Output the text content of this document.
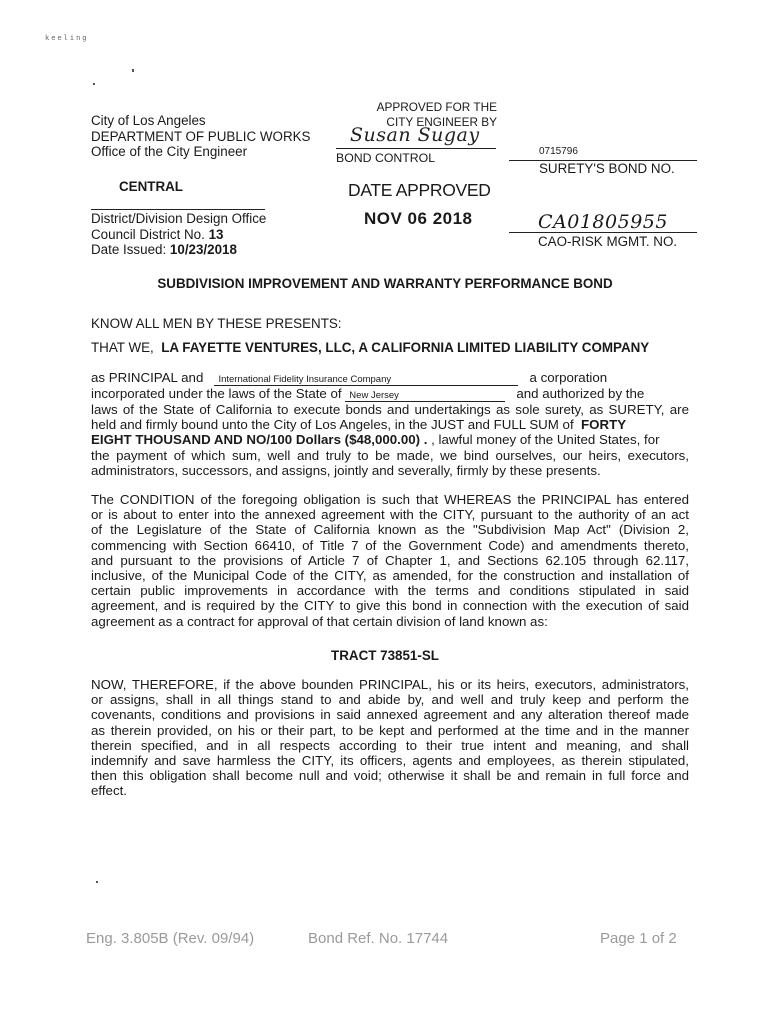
keeling
City of Los Angeles
DEPARTMENT OF PUBLIC WORKS
Office of the City Engineer
APPROVED FOR THE
CITY ENGINEER BY
Susan Sugay
BOND CONTROL	0715796
SURETY'S BOND NO.
CENTRAL	DATE APPROVED
NOV 06 2018
District/Division Design Office
Council District No. 13
Date Issued: 10/23/2018
CA01805955
CAO-RISK MGMT. NO.
SUBDIVISION IMPROVEMENT AND WARRANTY PERFORMANCE BOND
KNOW ALL MEN BY THESE PRESENTS:
THAT WE, LA FAYETTE VENTURES, LLC, A CALIFORNIA LIMITED LIABILITY COMPANY
as PRINCIPAL and International Fidelity Insurance Company	a corporation
incorporated under the laws of the State of New Jersey	and authorized by the
laws of the State of California to execute bonds and undertakings as sole surety, as SURETY, are
held and firmly bound unto the City of Los Angeles, in the JUST and FULL SUM of FORTY
EIGHT THOUSAND AND NO/100 Dollars ($48,000.00) . , lawful money of the United States, for
the payment of which sum, well and truly to be made, we bind ourselves, our heirs, executors,
administrators, successors, and assigns, jointly and severally, firmly by these presents.
The CONDITION of the foregoing obligation is such that WHEREAS the PRINCIPAL has entered
or is about to enter into the annexed agreement with the CITY, pursuant to the authority of an act
of the Legislature of the State of California known as the "Subdivision Map Act" (Division 2,
commencing with Section 66410, of Title 7 of the Government Code) and amendments thereto,
and pursuant to the provisions of Article 7 of Chapter 1, and Sections 62.105 through 62.117,
inclusive, of the Municipal Code of the CITY, as amended, for the construction and installation of
certain public improvements in accordance with the terms and conditions stipulated in said
agreement, and is required by the CITY to give this bond in connection with the execution of said
agreement as a contract for approval of that certain division of land known as:
TRACT 73851-SL
NOW, THEREFORE, if the above bounden PRINCIPAL, his or its heirs, executors, administrators,
or assigns, shall in all things stand to and abide by, and well and truly keep and perform the
covenants, conditions and provisions in said annexed agreement and any alteration thereof made
as therein provided, on his or their part, to be kept and performed at the time and in the manner
therein specified, and in all respects according to their true intent and meaning, and shall
indemnify and save harmless the CITY, its officers, agents and employees, as therein stipulated,
then this obligation shall become null and void; otherwise it shall be and remain in full force and
effect.
Eng. 3.805B (Rev. 09/94)	Bond Ref. No. 17744	Page 1 of 2
